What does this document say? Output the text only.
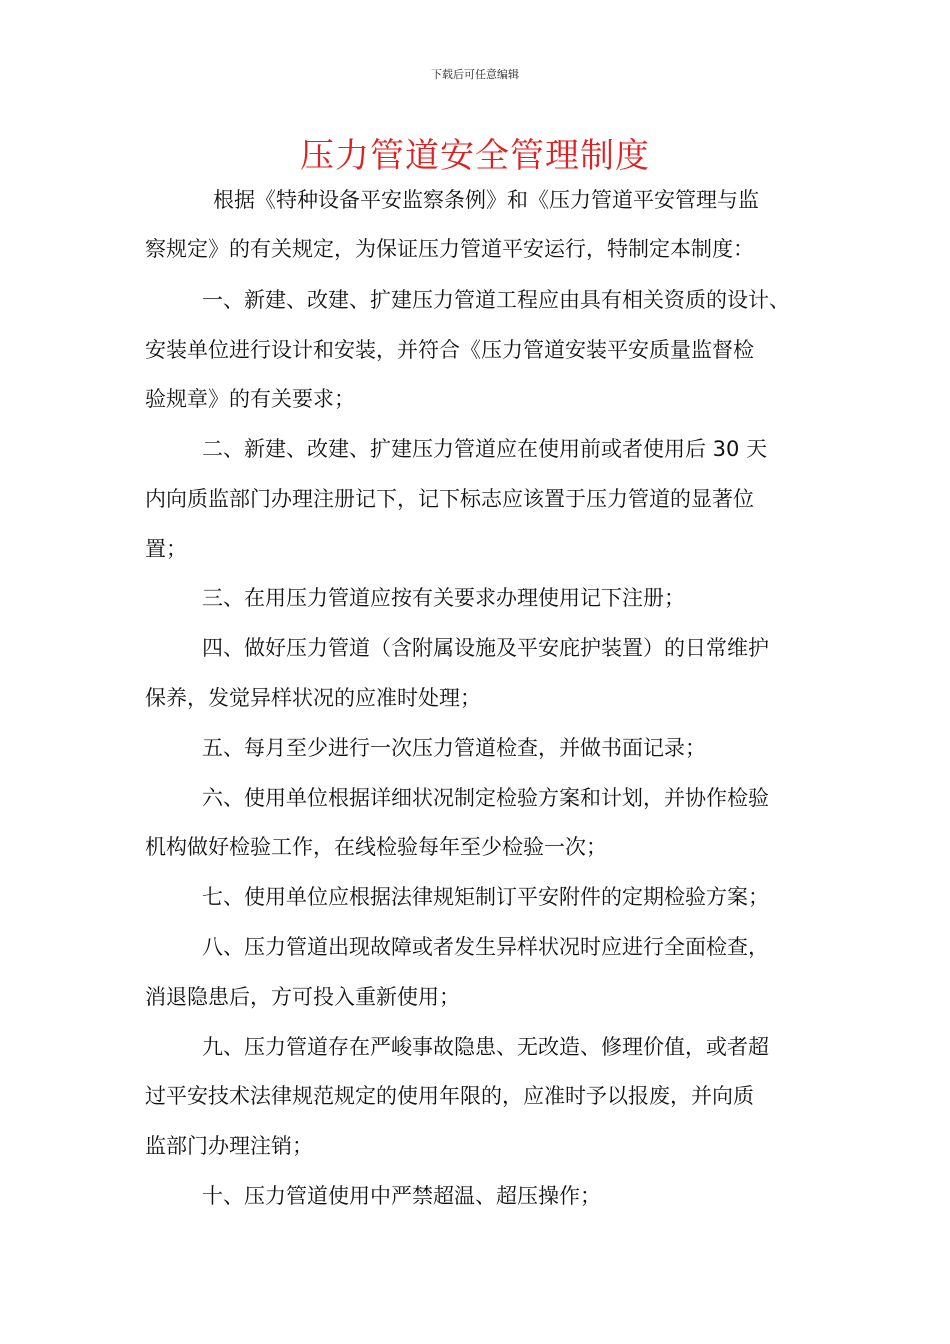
下载后可任意编辑
压力管道安全管理制度
根据《特种设备平安监察条例》和《压力管道平安管理与监
察规定》的有关规定，为保证压力管道平安运行，特制定本制度：
一、新建、改建、扩建压力管道工程应由具有相关资质的设计、
安装单位进行设计和安装，并符合《压力管道安装平安质量监督检
验规章》的有关要求；
二、新建、改建、扩建压力管道应在使用前或者使用后 30 天
内向质监部门办理注册记下，记下标志应该置于压力管道的显著位
置；
三、在用压力管道应按有关要求办理使用记下注册；
四、做好压力管道（含附属设施及平安庇护装置）的日常维护
保养，发觉异样状况的应准时处理；
五、每月至少进行一次压力管道检查，并做书面记录；
六、使用单位根据详细状况制定检验方案和计划，并协作检验
机构做好检验工作，在线检验每年至少检验一次；
七、使用单位应根据法律规矩制订平安附件的定期检验方案；
八、压力管道出现故障或者发生异样状况时应进行全面检查，
消退隐患后，方可投入重新使用；
九、压力管道存在严峻事故隐患、无改造、修理价值，或者超
过平安技术法律规范规定的使用年限的，应准时予以报废，并向质
监部门办理注销；
十、压力管道使用中严禁超温、超压操作；
